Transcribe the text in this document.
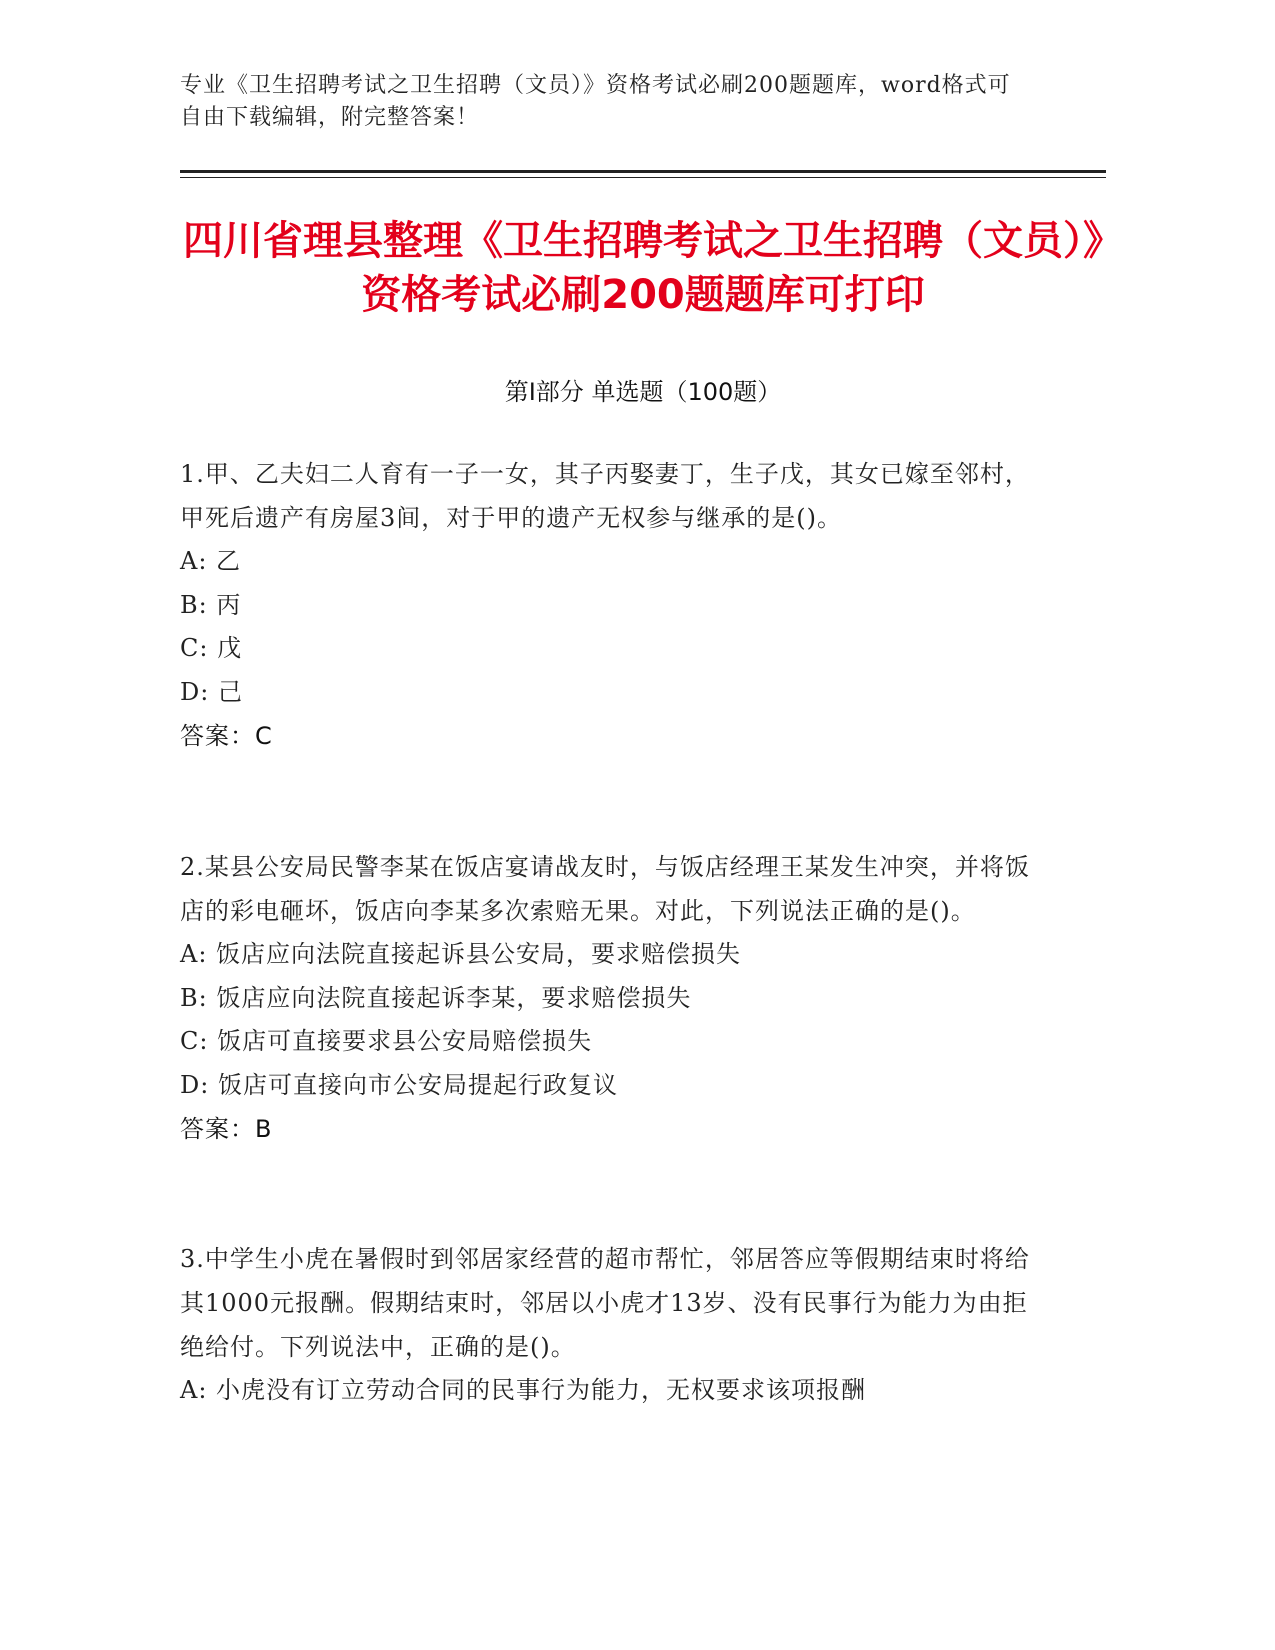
专业《卫生招聘考试之卫生招聘（文员）》资格考试必刷200题题库，word格式可自由下载编辑，附完整答案！
四川省理县整理《卫生招聘考试之卫生招聘（文员）》资格考试必刷200题题库可打印
第Ⅰ部分 单选题（100题）
1.甲、乙夫妇二人育有一子一女，其子丙娶妻丁，生子戊，其女已嫁至邻村，甲死后遗产有房屋3间，对于甲的遗产无权参与继承的是()。
A: 乙
B: 丙
C: 戊
D: 己
答案：C
2.某县公安局民警李某在饭店宴请战友时，与饭店经理王某发生冲突，并将饭店的彩电砸坏，饭店向李某多次索赔无果。对此，下列说法正确的是()。
A: 饭店应向法院直接起诉县公安局，要求赔偿损失
B: 饭店应向法院直接起诉李某，要求赔偿损失
C: 饭店可直接要求县公安局赔偿损失
D: 饭店可直接向市公安局提起行政复议
答案：B
3.中学生小虎在暑假时到邻居家经营的超市帮忙，邻居答应等假期结束时将给其1000元报酬。假期结束时，邻居以小虎才13岁、没有民事行为能力为由拒绝给付。下列说法中，正确的是()。
A: 小虎没有订立劳动合同的民事行为能力，无权要求该项报酬
